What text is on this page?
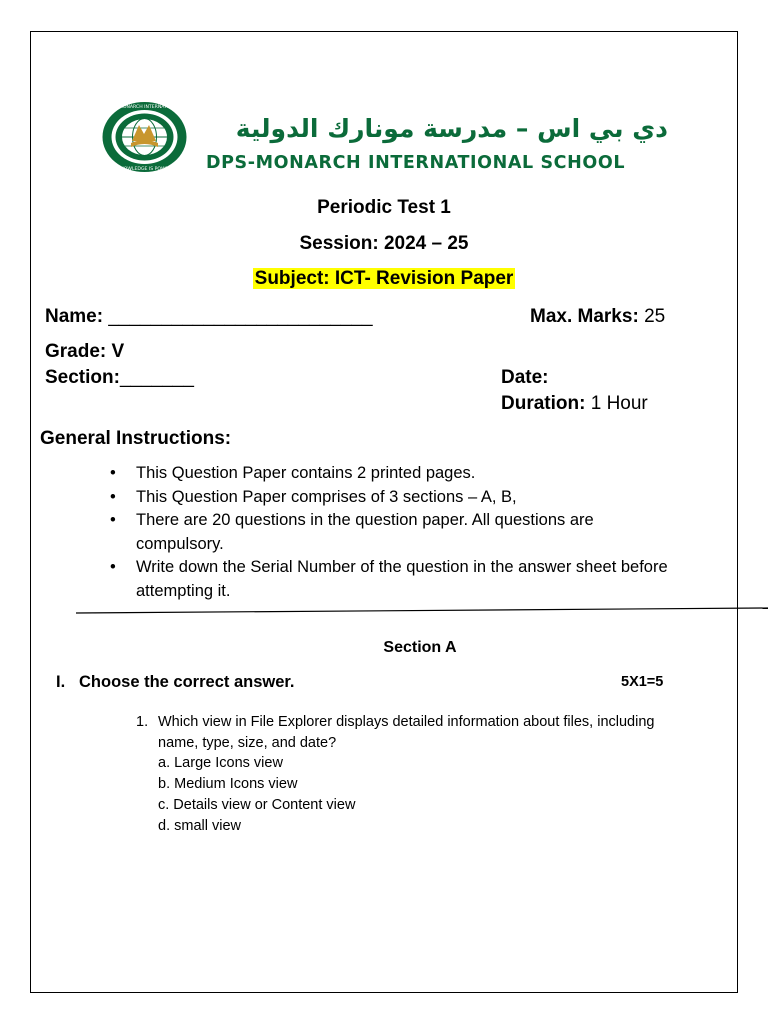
DPS-MONARCH INTERNATIONAL
KNOWLEDGE IS POWER
دي بي اس – مدرسة مونارك الدولية
DPS-MONARCH INTERNATIONAL SCHOOL
Periodic Test 1
Session: 2024 – 25
Subject: ICT- Revision Paper
Name: _________________________	Max. Marks: 25
Grade: V
Section:_______	Date:
Duration: 1 Hour
General Instructions:
• This Question Paper contains 2 printed pages.
• This Question Paper comprises of 3 sections – A, B,
• There are 20 questions in the question paper. All questions are compulsory.
• Write down the Serial Number of the question in the answer sheet before attempting it.
Section A
I. Choose the correct answer.	5X1=5
1. Which view in File Explorer displays detailed information about files, including name, type, size, and date?
a. Large Icons view
b. Medium Icons view
c. Details view or Content view
d. small view
